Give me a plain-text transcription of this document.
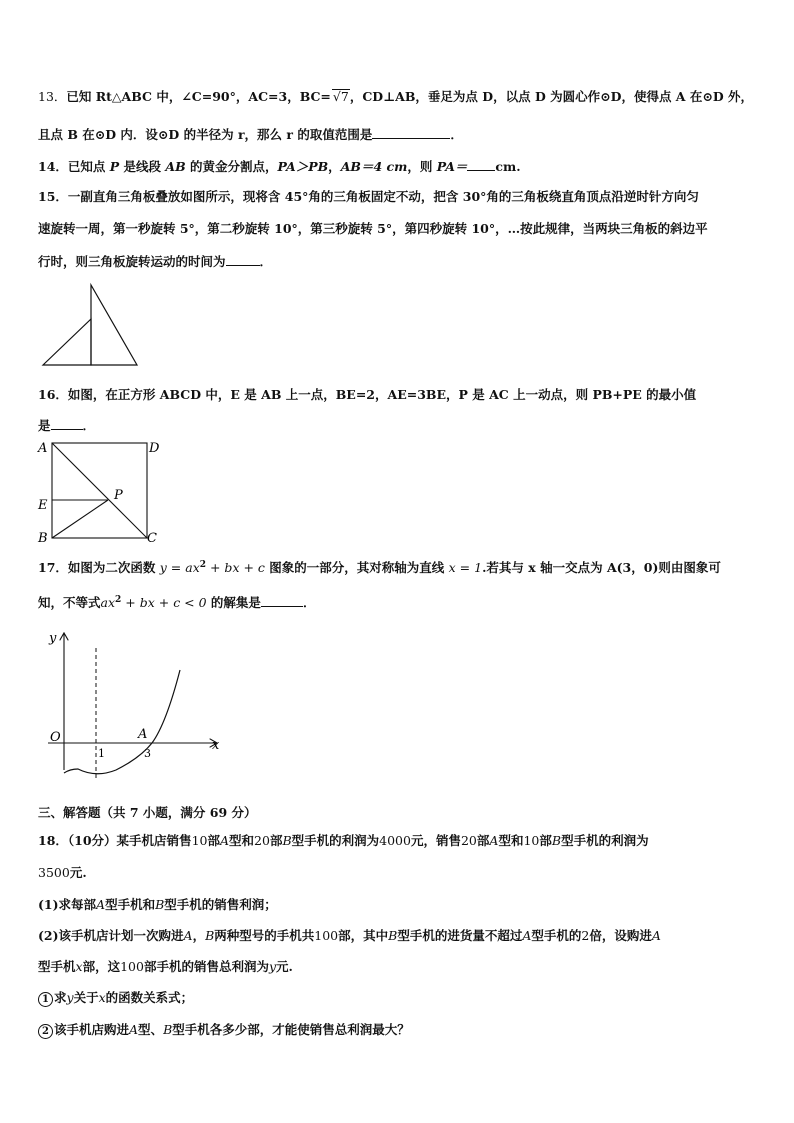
13．已知 Rt△ABC 中，∠C=90°，AC=3，BC= √7，CD⊥AB，垂足为点 D，以点 D 为圆心作⊙D，使得点 A 在⊙D 外，
且点 B 在⊙D 内．设⊙D 的半径为 r，那么 r 的取值范围是	．
14．已知点 P 是线段 AB 的黄金分割点，PA＞PB，AB＝4 cm，则 PA＝ cm.
15．一副直角三角板叠放如图所示，现将含 45°角的三角板固定不动，把含 30°角的三角板绕直角顶点沿逆时针方向匀
速旋转一周，第一秒旋转 5°，第二秒旋转 10°，第三秒旋转 5°，第四秒旋转 10°，…按此规律，当两块三角板的斜边平
行时，则三角板旋转运动的时间为	．
16．如图，在正方形 ABCD 中，E 是 AB 上一点，BE=2，AE=3BE，P 是 AC 上一动点，则 PB+PE 的最小值
是	．
A	D
E
P
B	C
17．如图为二次函数 $y = ax^2$ + bx + c 图象的一部分，其对称轴为直线 x = 1.若其与 x 轴一交点为 A(3，0)则由图象可
知，不等式$ax^2$ + bx + c < 0 的解集是	．
y
x
O
1
A
3
三、解答题（共 7 小题，满分 69 分）
18．（10分）某手机店销售10部A型和20部B型手机的利润为4000元，销售20部A型和10部B型手机的利润为
3500元.
(1)求每部A型手机和B型手机的销售利润；
(2)该手机店计划一次购进A，B两种型号的手机共100部，其中B型手机的进货量不超过A型手机的2倍，设购进A
型手机x部，这100部手机的销售总利润为y元.
1 求y关于x的函数关系式；
2 该手机店购进A型、B型手机各多少部，才能使销售总利润最大？
